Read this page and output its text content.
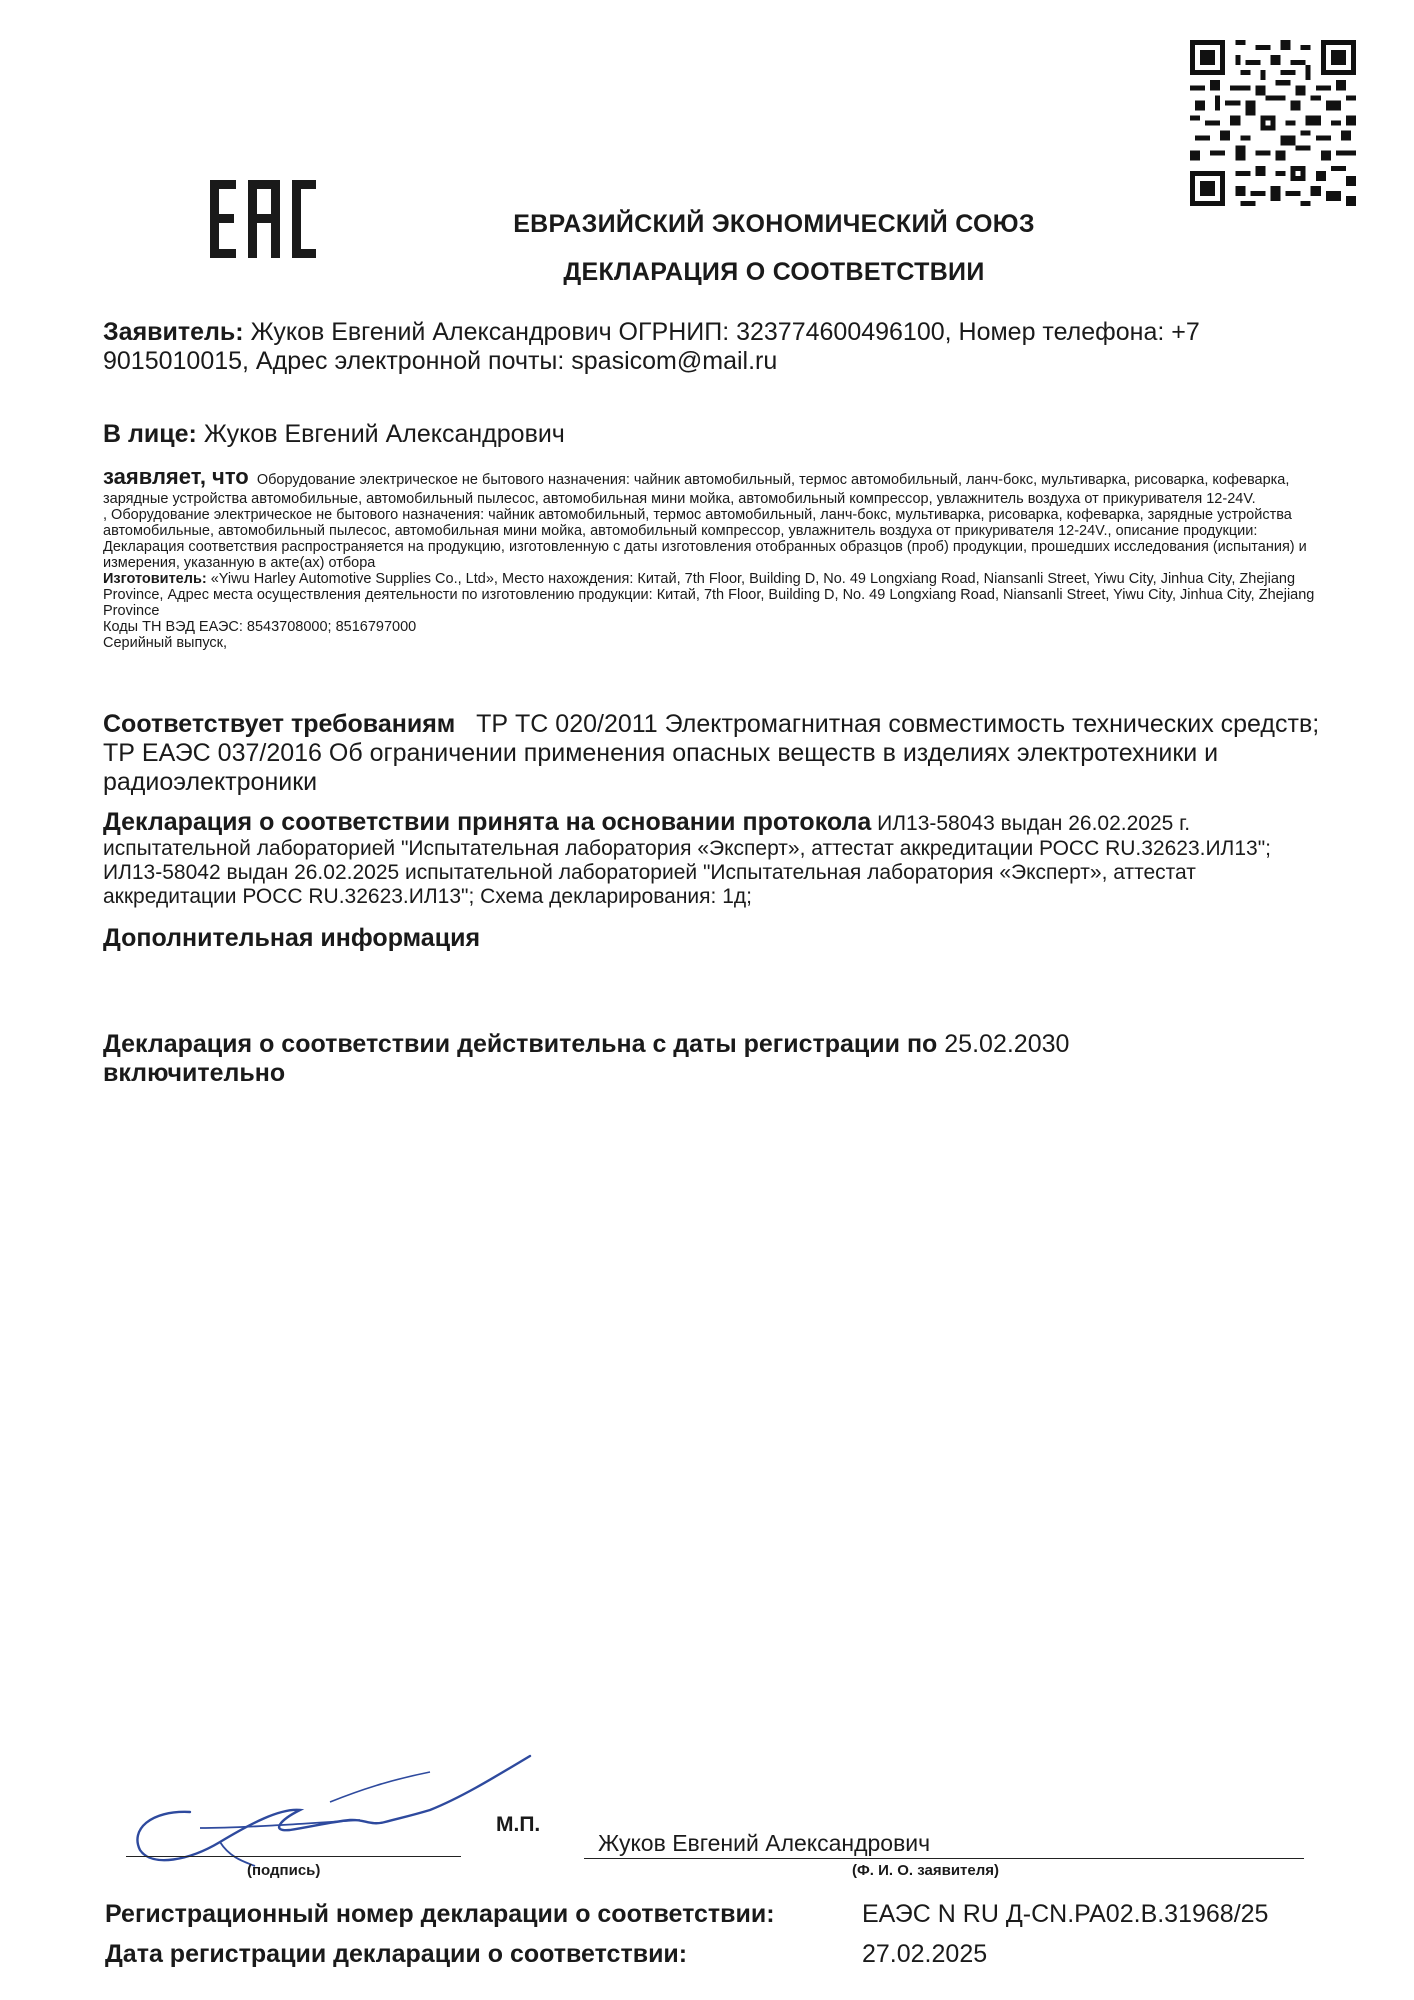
ЕВРАЗИЙСКИЙ ЭКОНОМИЧЕСКИЙ СОЮЗ
ДЕКЛАРАЦИЯ О СООТВЕТСТВИИ
Заявитель: Жуков Евгений Александрович ОГРНИП: 323774600496100, Номер телефона: +7 9015010015, Адрес электронной почты: spasicom@mail.ru
В лице: Жуков Евгений Александрович
заявляет, что Оборудование электрическое не бытового назначения: чайник автомобильный, термос автомобильный, ланч-бокс, мультиварка, рисоварка, кофеварка, зарядные устройства автомобильные, автомобильный пылесос, автомобильная мини мойка, автомобильный компрессор, увлажнитель воздуха от прикуривателя 12-24V.
, Оборудование электрическое не бытового назначения: чайник автомобильный, термос автомобильный, ланч-бокс, мультиварка, рисоварка, кофеварка, зарядные устройства автомобильные, автомобильный пылесос, автомобильная мини мойка, автомобильный компрессор, увлажнитель воздуха от прикуривателя 12-24V., описание продукции: Декларация соответствия распространяется на продукцию, изготовленную с даты изготовления отобранных образцов (проб) продукции, прошедших исследования (испытания) и измерения, указанную в акте(ах) отбора
Изготовитель: «Yiwu Harley Automotive Supplies Co., Ltd», Место нахождения: Китай, 7th Floor, Building D, No. 49 Longxiang Road, Niansanli Street, Yiwu City, Jinhua City, Zhejiang Province, Адрес места осуществления деятельности по изготовлению продукции: Китай, 7th Floor, Building D, No. 49 Longxiang Road, Niansanli Street, Yiwu City, Jinhua City, Zhejiang Province
Коды ТН ВЭД ЕАЭС: 8543708000; 8516797000
Серийный выпуск,
Соответствует требованиям ТР ТС 020/2011 Электромагнитная совместимость технических средств; ТР ЕАЭС 037/2016 Об ограничении применения опасных веществ в изделиях электротехники и радиоэлектроники
Декларация о соответствии принята на основании протокола ИЛ13-58043 выдан 26.02.2025 г. испытательной лабораторией "Испытательная лаборатория «Эксперт», аттестат аккредитации РОСС RU.32623.ИЛ13"; ИЛ13-58042 выдан 26.02.2025 испытательной лабораторией "Испытательная лаборатория «Эксперт», аттестат аккредитации РОСС RU.32623.ИЛ13"; Схема декларирования: 1д;
Дополнительная информация
Декларация о соответствии действительна с даты регистрации по 25.02.2030
включительно
М.П.
Жуков Евгений Александрович
(подпись)	(Ф. И. О. заявителя)
Регистрационный номер декларации о соответствии:	ЕАЭС N RU Д-CN.РА02.В.31968/25
Дата регистрации декларации о соответствии:	27.02.2025
